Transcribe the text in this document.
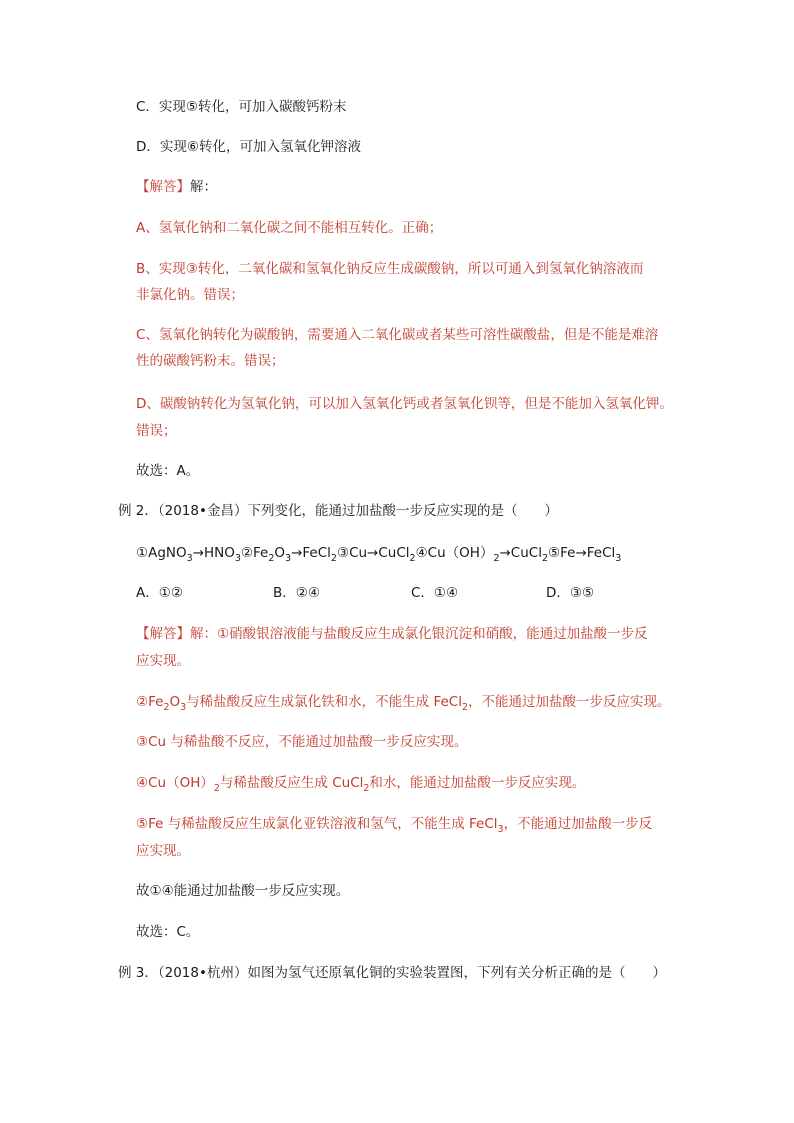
C．实现⑤转化，可加入碳酸钙粉末
D．实现⑥转化，可加入氢氧化钾溶液
【解答】解：
A、氢氧化钠和二氧化碳之间不能相互转化。正确；
B、实现③转化，二氧化碳和氢氧化钠反应生成碳酸钠，所以可通入到氢氧化钠溶液而
非氯化钠。错误；
C、氢氧化钠转化为碳酸钠，需要通入二氧化碳或者某些可溶性碳酸盐，但是不能是难溶
性的碳酸钙粉末。错误；
D、碳酸钠转化为氢氧化钠，可以加入氢氧化钙或者氢氧化钡等，但是不能加入氢氧化钾。
错误；
故选：A。
例 2．（2018•金昌）下列变化，能通过加盐酸一步反应实现的是（　　）
$①AgNO_3\to HNO_3②Fe_2O_3\to FeCl_2③Cu\to CuCl_2④Cu(OH)_2\to CuCl_2⑤Fe\to FeCl_3$
A．①②	B．②④	C．①④	D．③⑤
【解答】解：①硝酸银溶液能与盐酸反应生成氯化银沉淀和硝酸，能通过加盐酸一步反
应实现。
$②Fe_2O_3$与稀盐酸反应生成氯化铁和水，不能生成 FeCl$_2$，不能通过加盐酸一步反应实现。
③Cu 与稀盐酸不反应，不能通过加盐酸一步反应实现。
$④Cu(OH)_2$与稀盐酸反应生成 CuCl$_2$和水，能通过加盐酸一步反应实现。
⑤Fe 与稀盐酸反应生成氯化亚铁溶液和氢气，不能生成 FeCl$_3$，不能通过加盐酸一步反
应实现。
故①④能通过加盐酸一步反应实现。
故选：C。
例 3．（2018•杭州）如图为氢气还原氧化铜的实验装置图，下列有关分析正确的是（　　）
